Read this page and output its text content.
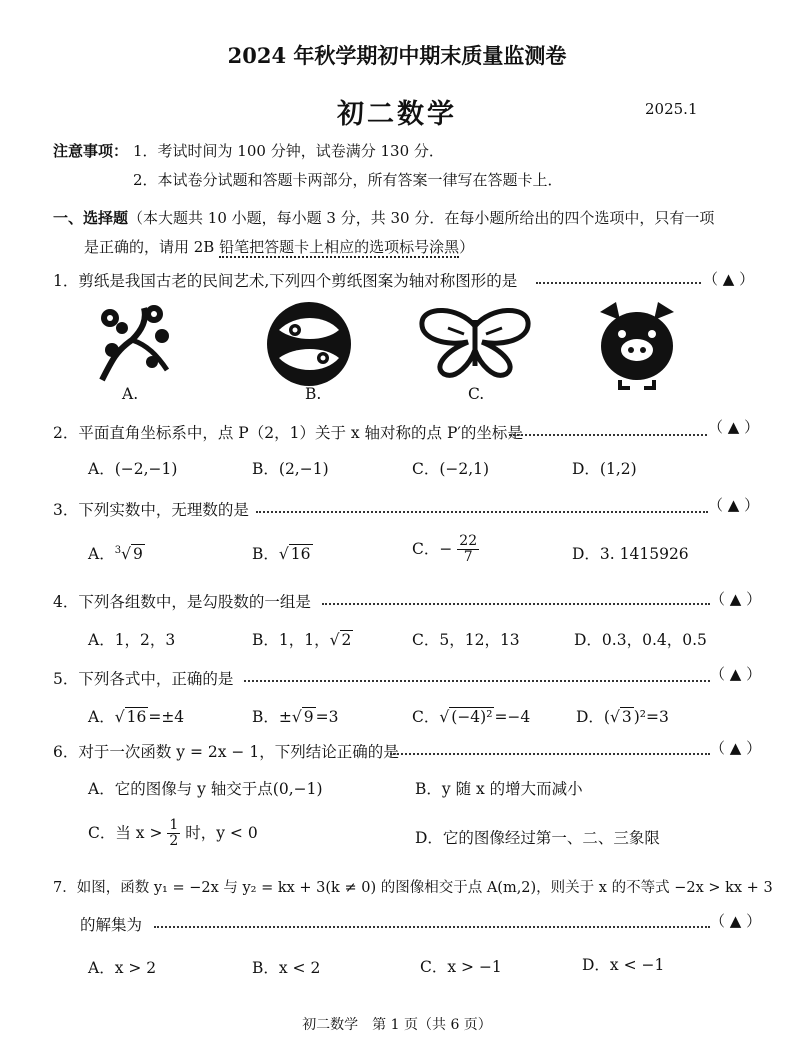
2024 年秋学期初中期末质量监测卷
初二数学	2025.1
注意事项： 1．考试时间为 100 分钟，试卷满分 130 分．
2．本试卷分试题和答题卡两部分，所有答案一律写在答题卡上．
一、选择题（本大题共 10 小题，每小题 3 分，共 30 分．在每小题所给出的四个选项中，只有一项
是正确的，请用 2B 铅笔把答题卡上相应的选项标号涂黑）
1．剪纸是我国古老的民间艺术,下列四个剪纸图案为轴对称图形的是	（ ▲ ）
A.	B.	C.
2．平面直角坐标系中，点 P（2，1）关于 x 轴对称的点 P′的坐标是	（ ▲ ）
A．(−2,−1)	B．(2,−1)	C．(−2,1)	D．(1,2)
3．下列实数中，无理数的是	（ ▲ ）
A．$^3$√ 9	B．√ 16	C．− $\frac{22}{7}$	D．3. 1415926
4．下列各组数中，是勾股数的一组是	（ ▲ ）
A．1，2，3	B．1，1，√ 2	C．5，12，13	D．0.3，0.4，0.5
5．下列各式中，正确的是	（ ▲ ）
A．√ 16 =±4	B．±√ 9 =3	C．√ (−4)² =−4	D．(√ 3 )²=3
6．对于一次函数 y = 2x − 1，下列结论正确的是	（ ▲ ）
A．它的图像与 y 轴交于点(0,−1)	B．y 随 x 的增大而减小
C．当 $x > \frac{1}{2}$ 时，y < 0	D．它的图像经过第一、二、三象限
7．如图，函数 y₁ = −2x 与 y₂ = kx + 3(k ≠ 0) 的图像相交于点 A(m,2)，则关于 x 的不等式 −2x > kx + 3
的解集为	（ ▲ ）
A．x > 2	B．x < 2	C．x > −1	D．x < −1
初二数学　第 1 页（共 6 页）
